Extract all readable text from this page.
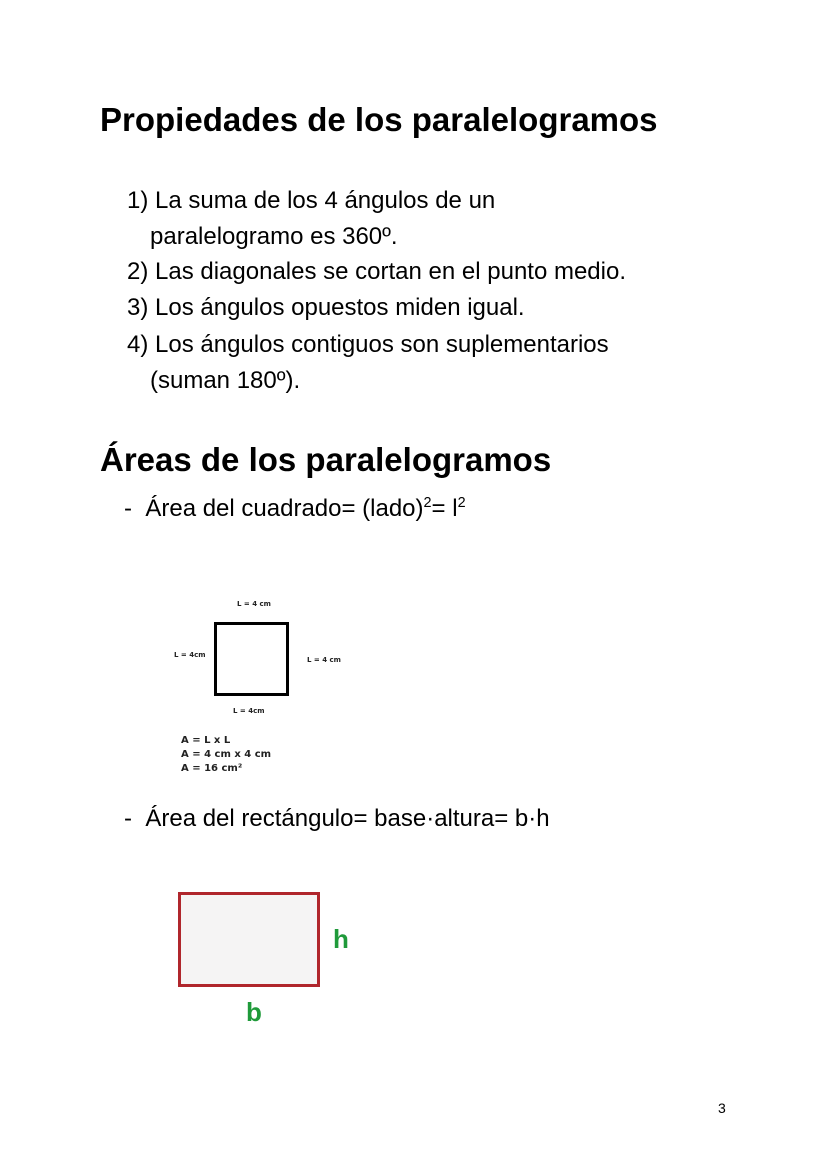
Propiedades de los paralelogramos
1) La suma de los 4 ángulos de un
paralelogramo es 360º.
2) Las diagonales se cortan en el punto medio.
3) Los ángulos opuestos miden igual.
4) Los ángulos contiguos son suplementarios
(suman 180º).
Áreas de los paralelogramos
- Área del cuadrado= (lado)$^2$= $l^2$
L = 4 cm
L = 4cm
L = 4 cm
L = 4cm
A = L x L
A = 4 cm x 4 cm
A = 16 cm²
- Área del rectángulo= base·altura= b·h
h
b
3
